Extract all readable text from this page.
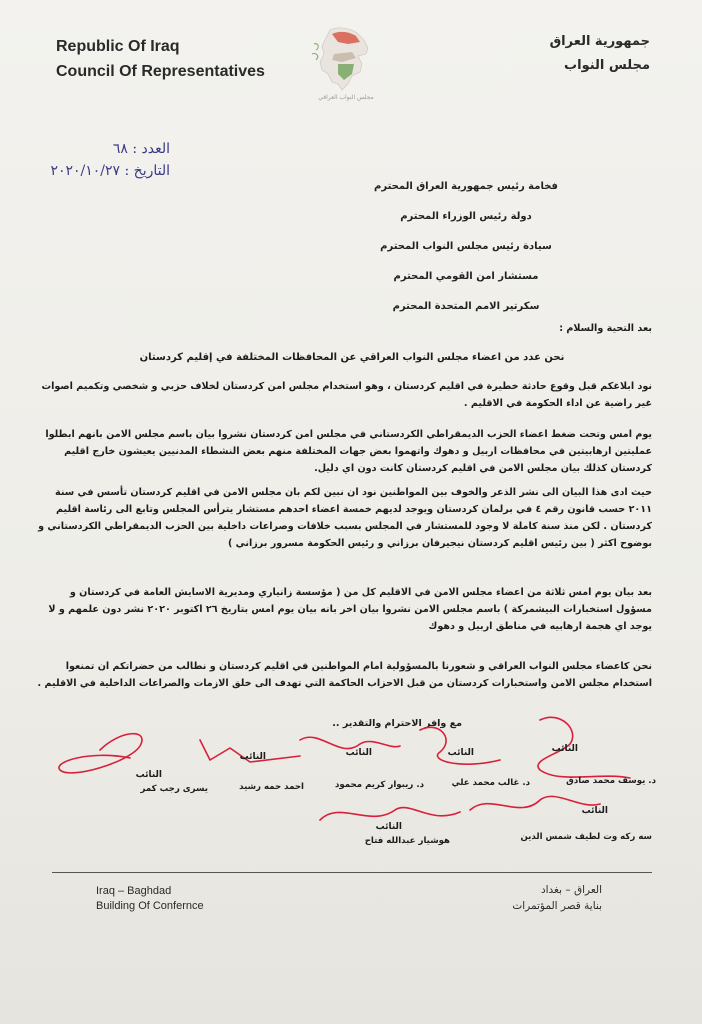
Republic Of Iraq
Council Of Representatives
مجلس النواب العراقي
جمهورية العراق
مجلس النواب
العدد : ٦٨
التاريخ : ٢٠٢٠/١٠/٢٧
فخامة رئيس جمهورية العراق المحترم
دولة رئيس الوزراء المحترم
سيادة رئيس مجلس النواب المحترم
مستشار امن القومي المحترم
سكرتير الامم المتحدة المحترم
بعد التحية والسلام :
نحن عدد من اعضاء مجلس النواب العراقي عن المحافظات المختلفة في إقليم كردستان
نود ابلاغكم قبل وقوع حادثة خطيرة في اقليم كردستان ، وهو استخدام مجلس امن كردستان لخلاف حزبي و شخصي وتكميم اصوات غير راضية عن اداء الحكومة في الاقليم .
يوم امس وتحت ضغط اعضاء الحزب الديمقراطي الكردستاني في مجلس امن كردستان نشروا بيان باسم مجلس الامن بانهم ابطلوا عمليتين ارهابيتين في محافظات اربيل و دهوك واتهموا بعض جهات المختلفة منهم بعض النشطاء المدنيين يعيشون خارج اقليم كردستان كذلك بيان مجلس الامن في اقليم كردستان كانت دون اي دليل.
حيث ادى هذا البيان الى نشر الذعر والخوف بين المواطنين نود ان نبين لكم بان مجلس الامن في اقليم كردستان تأسس في سنة ٢٠١١ حسب قانون رقم ٤ في برلمان كردستان ويوجد لديهم خمسة اعضاء احدهم مستشار يترأس المجلس وتابع الى رئاسة اقليم كردستان . لكن منذ سنة كاملة لا وجود للمستشار في المجلس بسبب خلافات وصراعات داخلية بين الحزب الديمقراطي الكردستاني و بوضوح اكثر ( بين رئيس اقليم كردستان نيجيرفان برزاني و رئيس الحكومة مسرور برزاني )
بعد بيان يوم امس ثلاثة من اعضاء مجلس الامن في الاقليم كل من ( مؤسسة زانياري ومديرية الاسايش العامة في كردستان و مسؤول استخبارات البيشمركة ) باسم مجلس الامن نشروا بيان اخر بانه بيان يوم امس بتاريخ ٢٦ اكتوبر ٢٠٢٠ نشر دون علمهم و لا يوجد اي هجمة ارهابيه في مناطق اربيل و دهوك
نحن كاعضاء مجلس النواب العراقي و شعورنا بالمسؤولية امام المواطنين في اقليم كردستان و نطالب من حضراتكم ان تمنعوا استخدام مجلس الامن واستخبارات كردستان من قبل الاحزاب الحاكمة التي تهدف الى خلق الازمات والصراعات الداخلية في الاقليم .
مع وافر الاحترام والتقدير ..
النائب
النائب
النائب
النائب
النائب
د. يوسف محمد صادق
د. غالب محمد علي
د. ريبوار كريم محمود
احمد حمه رشيد
يسرى رجب كمر
النائب
النائب
سه ركه وت لطيف شمس الدين
هوشيار عبدالله فتاح
Iraq – Baghdad
Building Of Confernce
العراق – بغداد
بناية قصر المؤتمرات
